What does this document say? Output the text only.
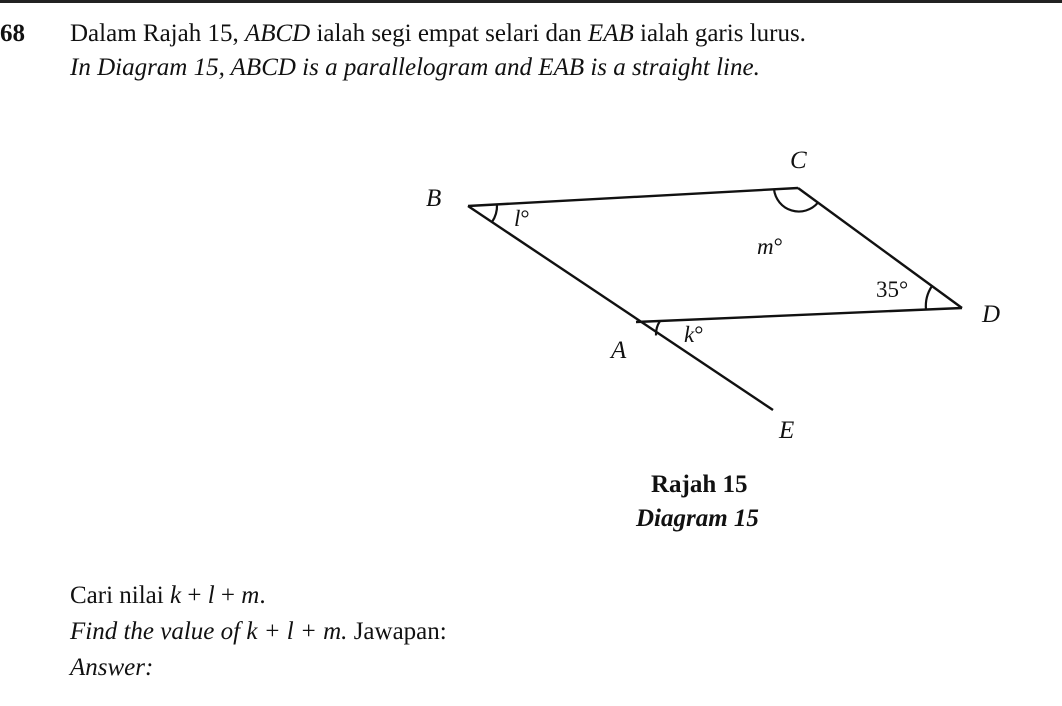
68 Dalam Rajah 15, ABCD ialah segi empat selari dan EAB ialah garis lurus.
In Diagram 15, ABCD is a parallelogram and EAB is a straight line.
B
C
D
A
E
l°
m°
35°
k°
Rajah 15
Diagram 15
Cari nilai k + l + m.
Find the value of k + l + m. Jawapan:
Answer:
